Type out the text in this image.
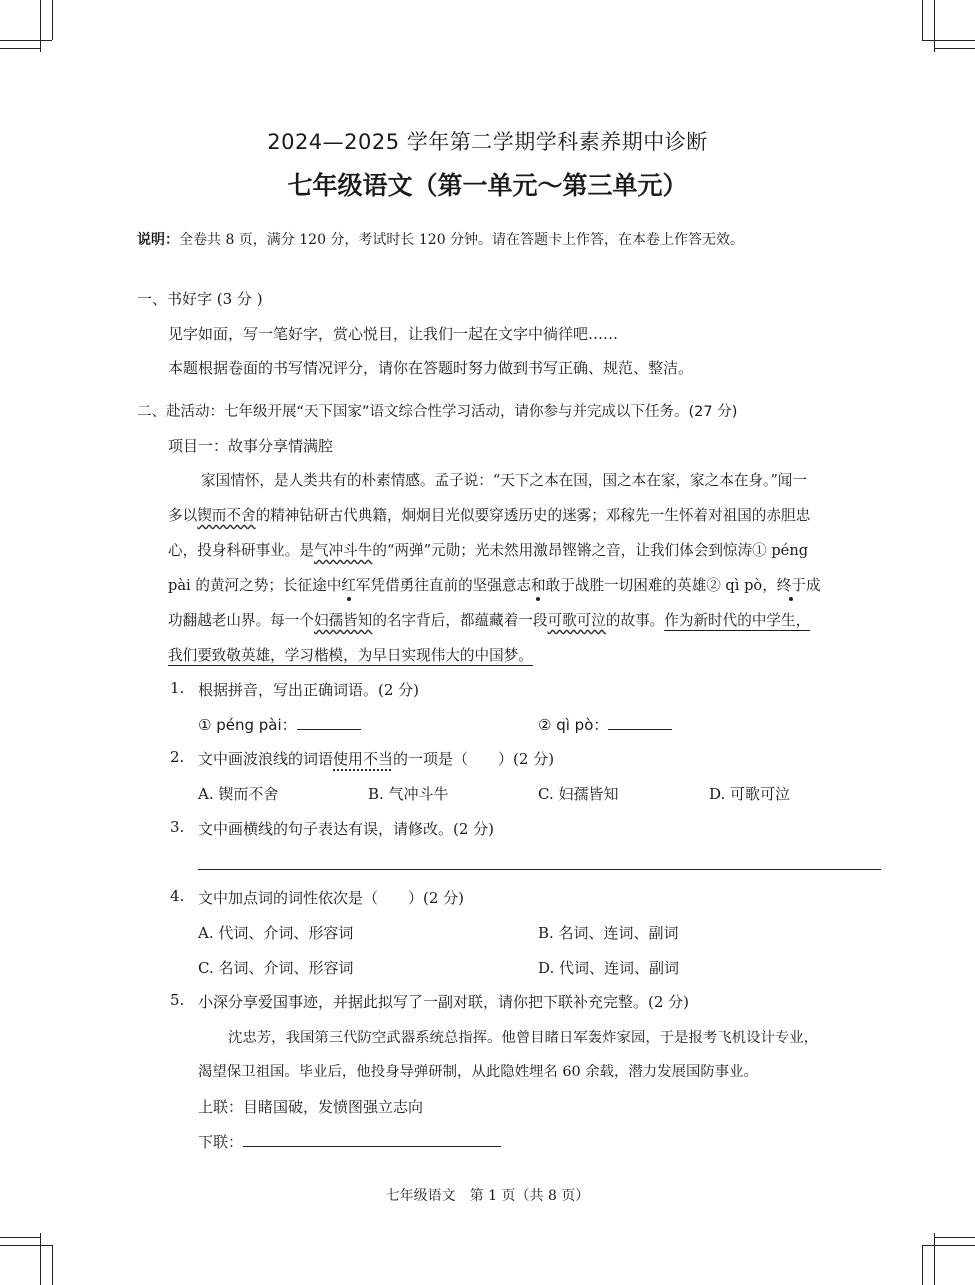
2024—2025 学年第二学期学科素养期中诊断
七年级语文（第一单元～第三单元）
说明：全卷共 8 页，满分 120 分，考试时长 120 分钟。请在答题卡上作答，在本卷上作答无效。
一、书好字 (3 分 )
见字如面，写一笔好字，赏心悦目，让我们一起在文字中徜徉吧……
本题根据卷面的书写情况评分，请你在答题时努力做到书写正确、规范、整洁。
二、赴活动：七年级开展“天下国家”语文综合性学习活动，请你参与并完成以下任务。(27 分)
项目一：故事分享情满腔
家国情怀，是人类共有的朴素情感。孟子说：“天下之本在国，国之本在家，家之本在身。”闻一
多以锲而不舍的精神钻研古代典籍，炯炯目光似要穿透历史的迷雾；邓稼先一生怀着对祖国的赤胆忠
心，投身科研事业。是气冲斗牛的“两弹”元勋；光未然用激昂铿锵之音，让我们体会到惊涛① péng
pài 的黄河之势；长征途中红军凭借勇往直前的坚强意志和敢于战胜一切困难的英雄② qì pò，终于成
功翻越老山界。每一个妇孺皆知的名字背后，都蕴藏着一段可歌可泣的故事。作为新时代的中学生，
我们要致敬英雄，学习楷模，为早日实现伟大的中国梦。
1. 根据拼音，写出正确词语。(2 分)
① péng pài：	② qì pò：
2. 文中画波浪线的词语使用不当的一项是（　　）(2 分)
A. 锲而不舍	B. 气冲斗牛	C. 妇孺皆知	D. 可歌可泣
3. 文中画横线的句子表达有误，请修改。(2 分)
4. 文中加点词的词性依次是（　　）(2 分)
A. 代词、介词、形容词	B. 名词、连词、副词
C. 名词、介词、形容词	D. 代词、连词、副词
5. 小深分享爱国事迹，并据此拟写了一副对联，请你把下联补充完整。(2 分)
沈忠芳，我国第三代防空武器系统总指挥。他曾目睹日军轰炸家园，于是报考飞机设计专业，
渴望保卫祖国。毕业后，他投身导弹研制，从此隐姓埋名 60 余载，潜力发展国防事业。
上联：目睹国破，发愤图强立志向
下联：
七年级语文　第 1 页（共 8 页）
